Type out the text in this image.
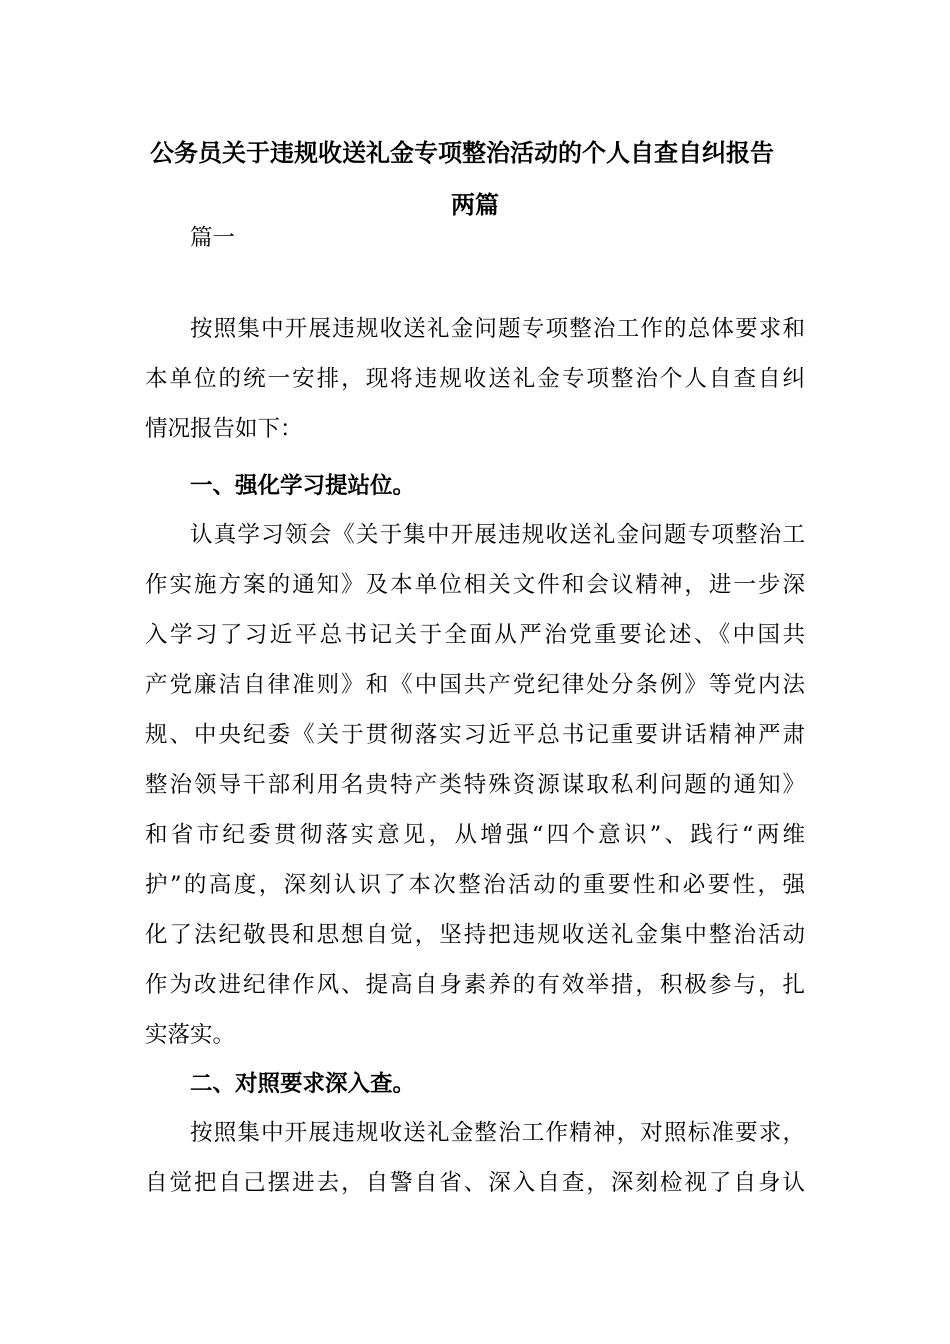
公务员关于违规收送礼金专项整治活动的个人自查自纠报告
两篇
篇一
按照集中开展违规收送礼金问题专项整治工作的总体要求和
本单位的统一安排，现将违规收送礼金专项整治个人自查自纠
情况报告如下：
一、强化学习提站位。
认真学习领会《关于集中开展违规收送礼金问题专项整治工
作实施方案的通知》及本单位相关文件和会议精神，进一步深
入学习了习近平总书记关于全面从严治党重要论述、《中国共
产党廉洁自律准则》和《中国共产党纪律处分条例》等党内法
规、中央纪委《关于贯彻落实习近平总书记重要讲话精神严肃
整治领导干部利用名贵特产类特殊资源谋取私利问题的通知》
和省市纪委贯彻落实意见，从增强“四个意识”、践行“两维
护”的高度，深刻认识了本次整治活动的重要性和必要性，强
化了法纪敬畏和思想自觉，坚持把违规收送礼金集中整治活动
作为改进纪律作风、提高自身素养的有效举措，积极参与，扎
实落实。
二、对照要求深入查。
按照集中开展违规收送礼金整治工作精神，对照标准要求，
自觉把自己摆进去，自警自省、深入自查，深刻检视了自身认
